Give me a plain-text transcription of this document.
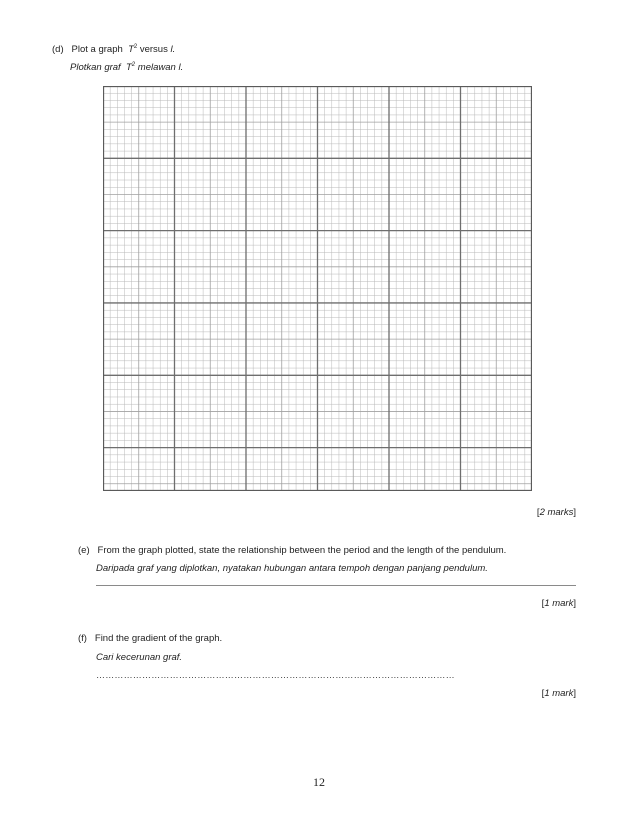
(d) Plot a graph $T^2$ versus l.
Plotkan graf $T^2$ melawan l.
[2 marks]
(e) From the graph plotted, state the relationship between the period and the length of the pendulum.
Daripada graf yang diplotkan, nyatakan hubungan antara tempoh dengan panjang pendulum.
[1 mark]
(f) Find the gradient of the graph.
Cari kecerunan graf.
………………………………………………………………………………………………………
[1 mark]
12
